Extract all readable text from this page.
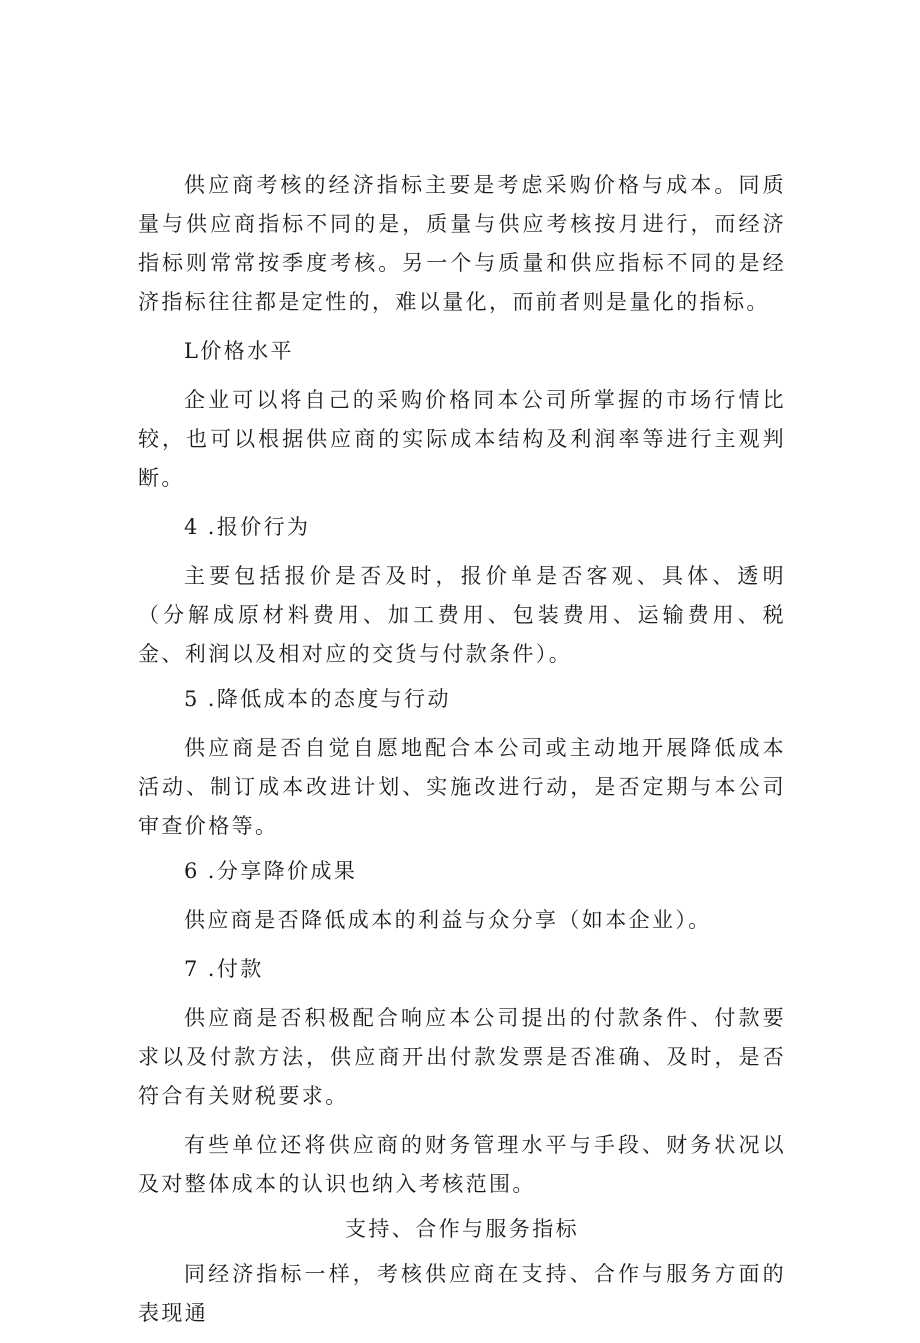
供应商考核的经济指标主要是考虑采购价格与成本。同质量与供应商指标不同的是，质量与供应考核按月进行，而经济指标则常常按季度考核。另一个与质量和供应指标不同的是经济指标往往都是定性的，难以量化，而前者则是量化的指标。

L价格水平

企业可以将自己的采购价格同本公司所掌握的市场行情比较，也可以根据供应商的实际成本结构及利润率等进行主观判断。

4 .报价行为

主要包括报价是否及时，报价单是否客观、具体、透明（分解成原材料费用、加工费用、包装费用、运输费用、税金、利润以及相对应的交货与付款条件）。

5 .降低成本的态度与行动

供应商是否自觉自愿地配合本公司或主动地开展降低成本活动、制订成本改进计划、实施改进行动，是否定期与本公司审查价格等。

6 .分享降价成果

供应商是否降低成本的利益与众分享（如本企业）。

7 .付款

供应商是否积极配合响应本公司提出的付款条件、付款要求以及付款方法，供应商开出付款发票是否准确、及时，是否符合有关财税要求。

有些单位还将供应商的财务管理水平与手段、财务状况以及对整体成本的认识也纳入考核范围。

支持、合作与服务指标

同经济指标一样，考核供应商在支持、合作与服务方面的表现通
